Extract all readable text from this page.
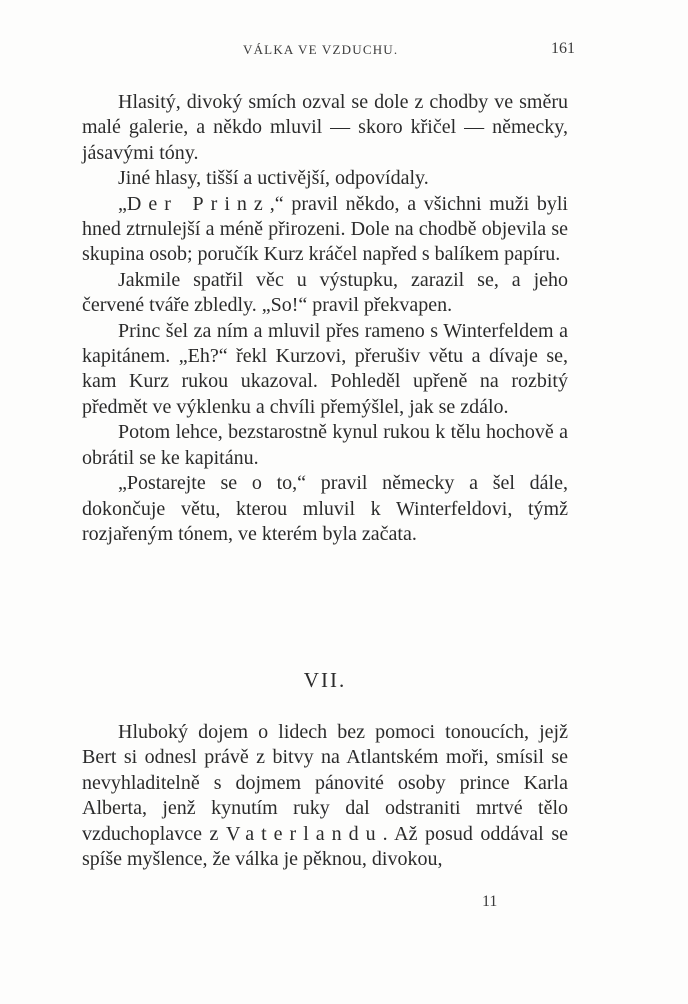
VÁLKA VE VZDUCHU.	161

Hlasitý, divoký smích ozval se dole z chodby ve směru malé galerie, a někdo mluvil — skoro křičel — německy, jásavými tóny.

Jiné hlasy, tišší a uctivější, odpovídaly.

„Der Prinz,“ pravil někdo, a všichni muži byli hned ztrnulejší a méně přirozeni. Dole na chodbě objevila se skupina osob; poručík Kurz kráčel napřed s balíkem papíru.

Jakmile spatřil věc u výstupku, zarazil se, a jeho červené tváře zbledly. „So!“ pravil překvapen.

Princ šel za ním a mluvil přes rameno s Winterfeldem a kapitánem. „Eh?“ řekl Kurzovi, přerušiv větu a dívaje se, kam Kurz rukou ukazoval. Pohleděl upřeně na rozbitý předmět ve výklenku a chvíli přemýšlel, jak se zdálo.

Potom lehce, bezstarostně kynul rukou k tělu hochově a obrátil se ke kapitánu.

„Postarejte se o to,“ pravil německy a šel dále, dokončuje větu, kterou mluvil k Winterfeldovi, týmž rozjařeným tónem, ve kterém byla začata.

VII.

Hluboký dojem o lidech bez pomoci tonoucích, jejž Bert si odnesl právě z bitvy na Atlantském moři, smísil se nevyhladitelně s dojmem pánovité osoby prince Karla Alberta, jenž kynutím ruky dal odstraniti mrtvé tělo vzduchoplavce z Vaterlandu. Až posud oddával se spíše myšlence, že válka je pěknou, divokou,

11
